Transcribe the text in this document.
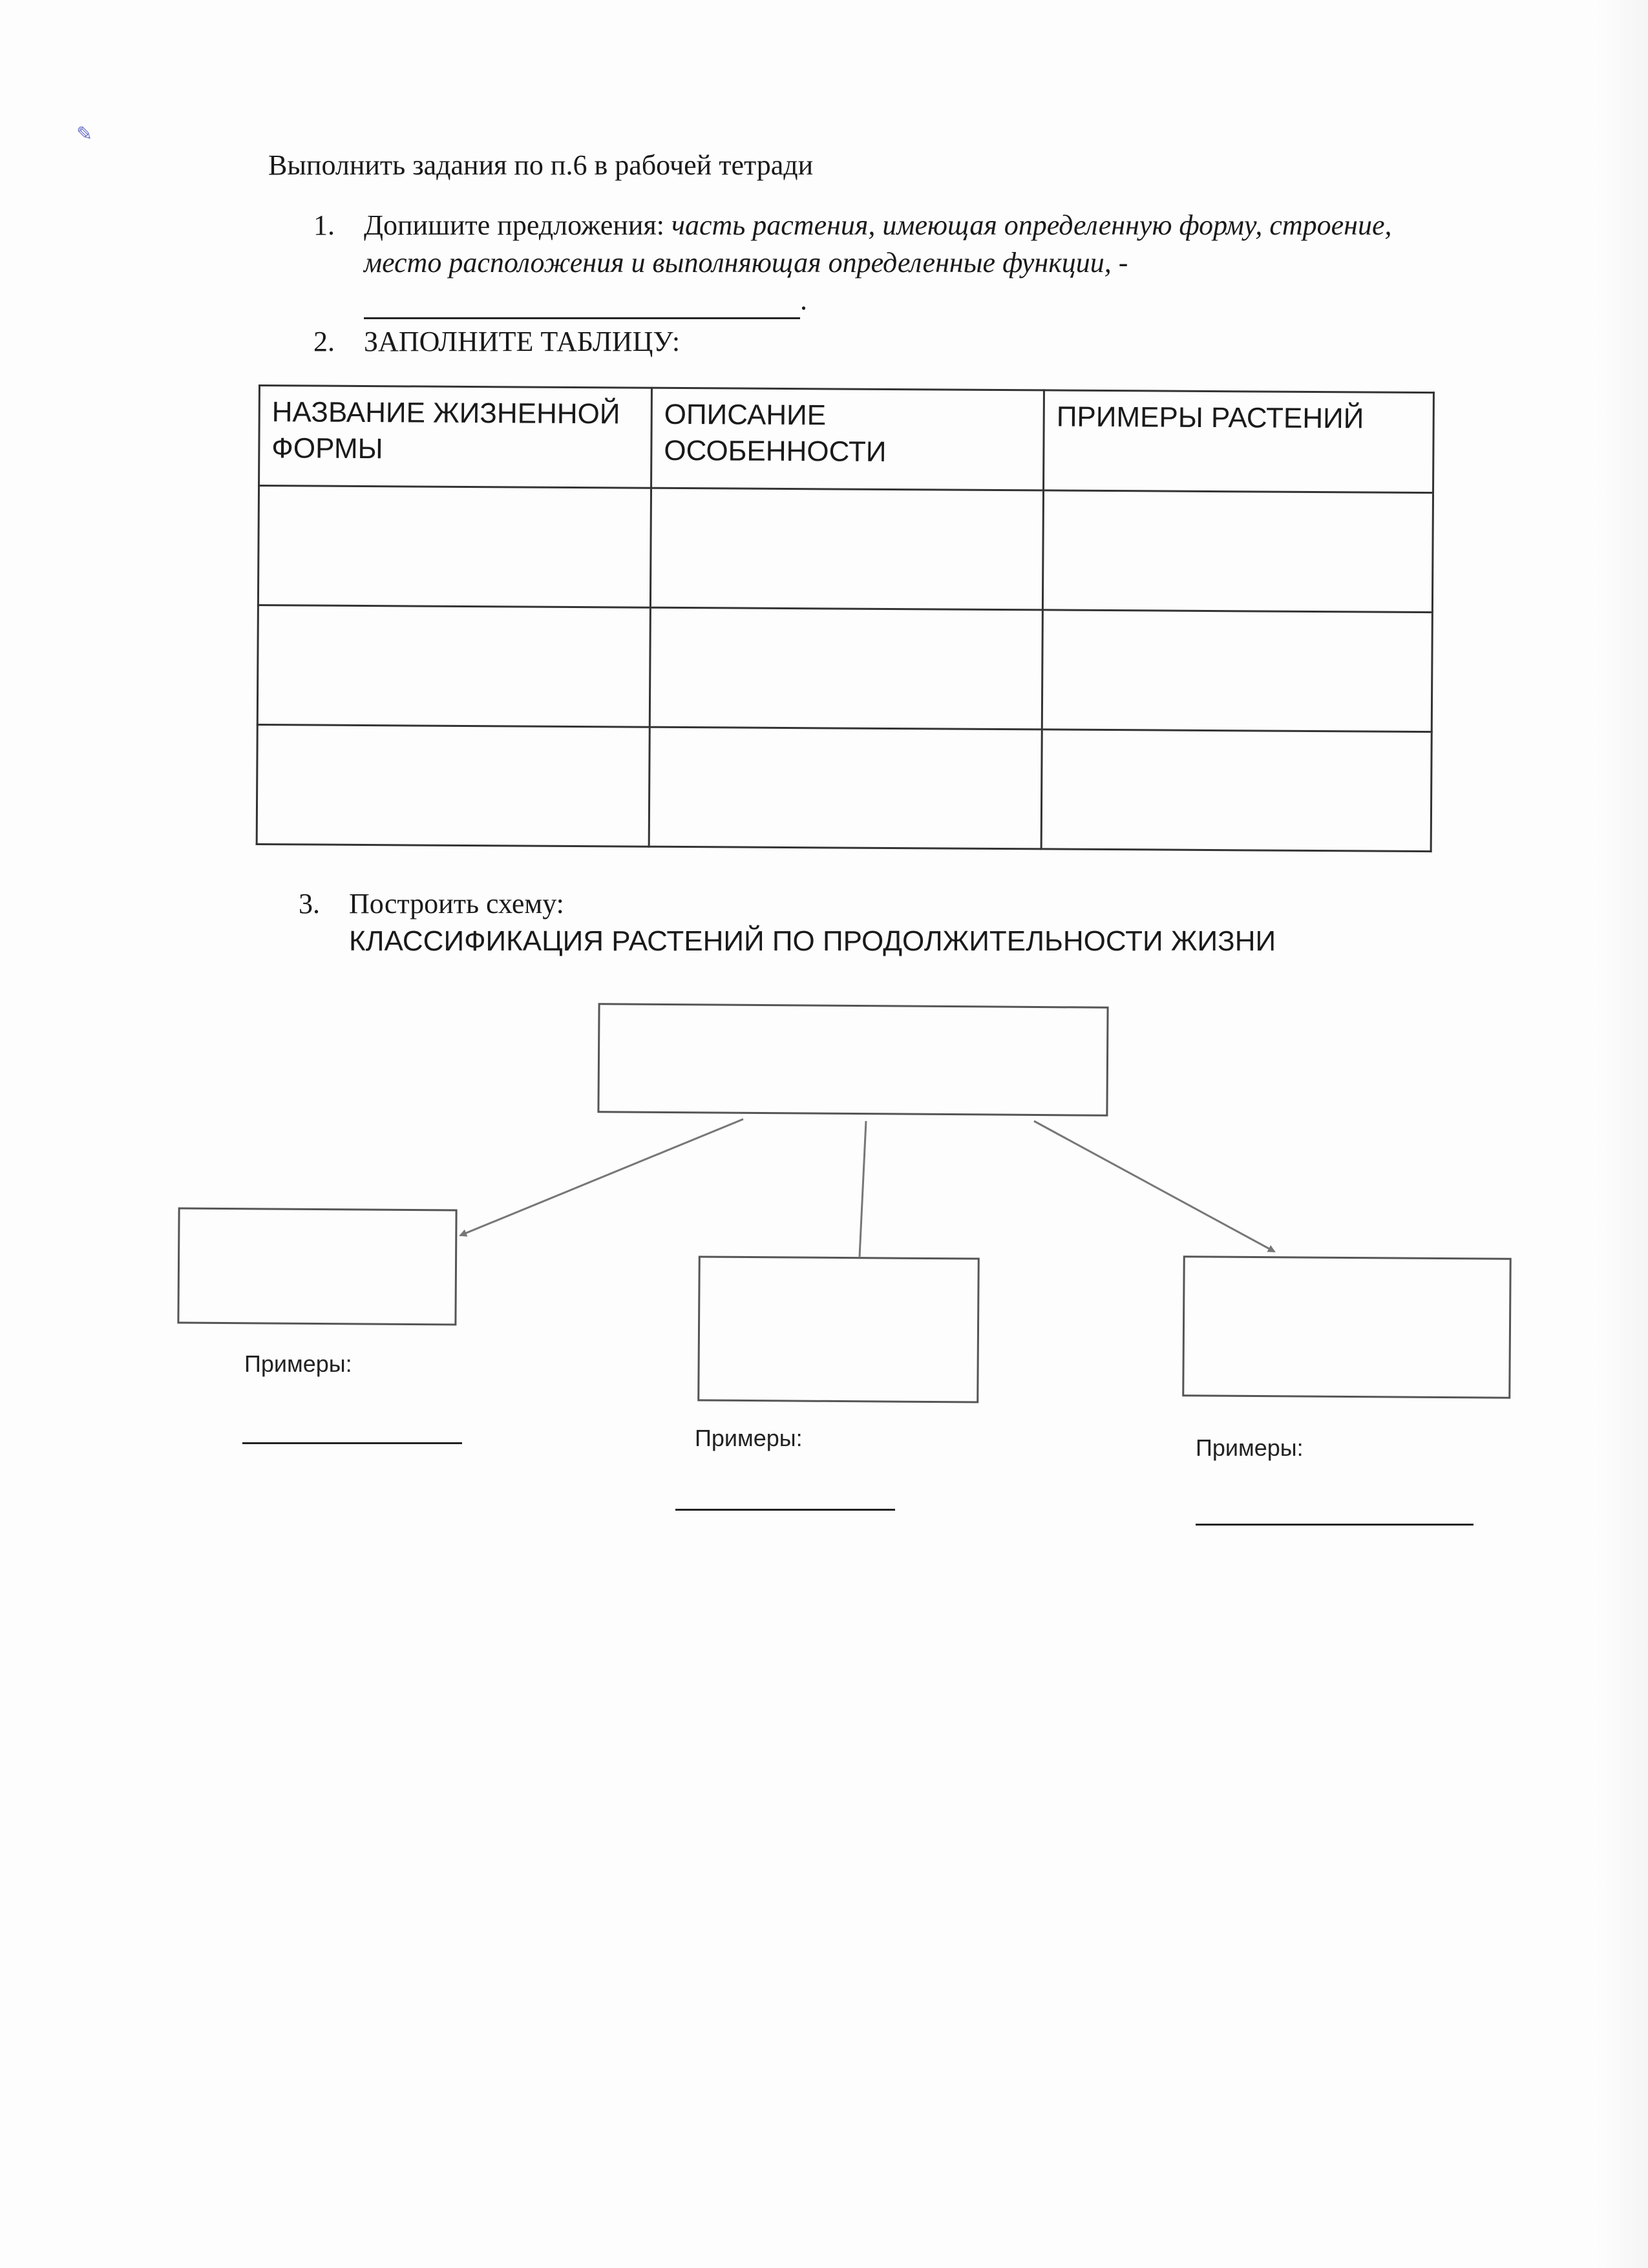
✎
Выполнить задания по п.6 в рабочей тетради
1. Допишите предложения: часть растения, имеющая определенную форму, строение, место расположения и выполняющая определенные функции, -
.
2. ЗАПОЛНИТЕ ТАБЛИЦУ:
НАЗВАНИЕ ЖИЗНЕННОЙ ФОРМЫ	ОПИСАНИЕ ОСОБЕННОСТИ	ПРИМЕРЫ РАСТЕНИЙ

3. Построить схему:
КЛАССИФИКАЦИЯ РАСТЕНИЙ ПО ПРОДОЛЖИТЕЛЬНОСТИ ЖИЗНИ
Примеры:
Примеры:	Примеры:
